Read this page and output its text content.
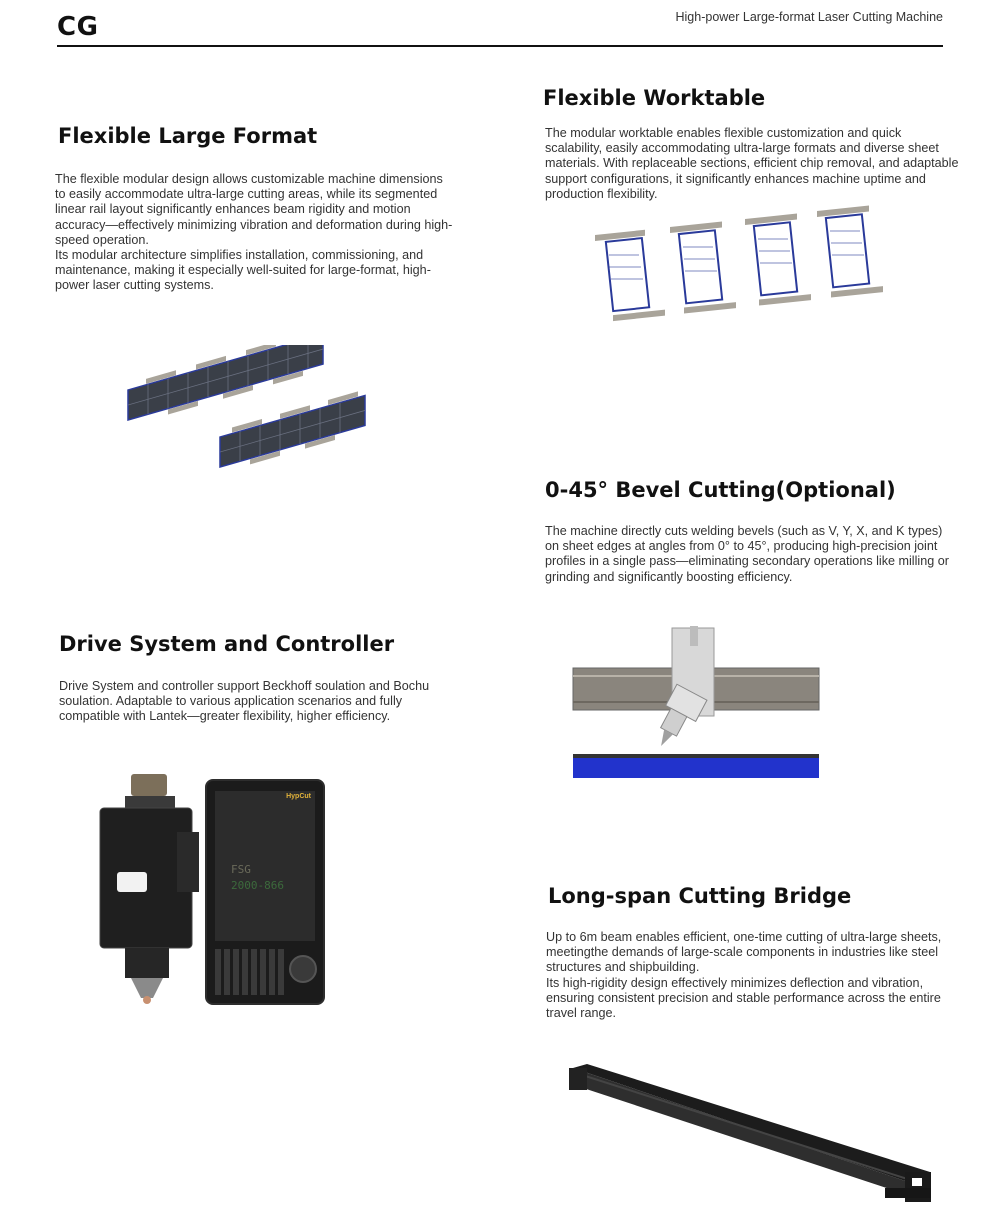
CG	High-power Large-format Laser Cutting Machine
Flexible Large Format

The flexible modular design allows customizable machine dimensions to easily accommodate ultra-large cutting areas, while its segmented linear rail layout significantly enhances beam rigidity and motion accuracy—effectively minimizing vibration and deformation during high-speed operation.

Its modular architecture simplifies installation, commissioning, and maintenance, making it especially well-suited for large-format, high-power laser cutting systems.

Flexible Worktable

The modular worktable enables flexible customization and quick scalability, easily accommodating ultra-large formats and diverse sheet materials. With replaceable sections, efficient chip removal, and adaptable support configurations, it significantly enhances machine uptime and production flexibility.

0-45° Bevel Cutting(Optional)

The machine directly cuts welding bevels (such as V, Y, X, and K types) on sheet edges at angles from 0° to 45°, producing high-precision joint profiles in a single pass—eliminating secondary operations like milling or grinding and significantly boosting efficiency.

Drive System and Controller

Drive System and controller support Beckhoff soulation and Bochu soulation. Adaptable to various application scenarios and fully compatible with Lantek—greater flexibility, higher efficiency.

HypCut
FSG
2000-866	Long-span Cutting Bridge

Up to 6m beam enables efficient, one-time cutting of ultra-large sheets, meetingthe demands of large-scale components in industries like steel structures and shipbuilding.

Its high-rigidity design effectively minimizes deflection and vibration, ensuring consistent precision and stable performance across the entire travel range.
